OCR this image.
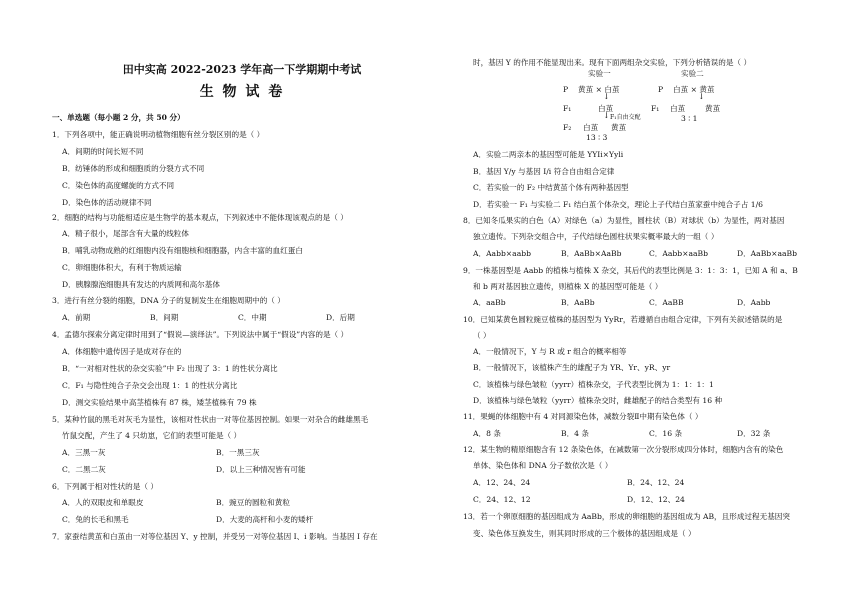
田中实高 2022-2023 学年高一下学期期中考试
生 物 试 卷
一、单选题（每小题 2 分，共 50 分）
1．下列各项中，能正确说明动植物细胞有丝分裂区别的是（ ）
A．间期的时间长短不同
B．纺锤体的形成和细胞质的分裂方式不同
C．染色体的高度螺旋的方式不同
D．染色体的活动规律不同
2．细胞的结构与功能相适应是生物学的基本观点，下列叙述中不能体现该观点的是（ ）
A．精子很小，尾部含有大量的线粒体
B．哺乳动物成熟的红细胞内没有细胞核和细胞器，内含丰富的血红蛋白
C．卵细胞体积大，有利于物质运输
D．胰腺腺泡细胞具有发达的内质网和高尔基体
3．进行有丝分裂的细胞，DNA 分子的复制发生在细胞周期中的（ ）
A．前期	B．间期	C．中期	D．后期
4．孟德尔探索分离定律时用到了“假说—演绎法”。下列说法中属于“假设”内容的是（ ）
A．体细胞中遗传因子是成对存在的
B．“一对相对性状的杂交实验”中 F₂ 出现了 3：1 的性状分离比
C．F₁ 与隐性纯合子杂交会出现 1：1 的性状分离比
D．测交实验结果中高茎植株有 87 株，矮茎植株有 79 株
5．某种竹鼠的黑毛对灰毛为显性，该相对性状由一对等位基因控制。如果一对杂合的雌雄黑毛
竹鼠交配，产生了 4 只幼崽，它们的表型可能是（ ）
A．三黑一灰	B．一黑三灰
C．二黑二灰	D．以上三种情况皆有可能
6．下列属于相对性状的是（ ）
A．人的双眼皮和单眼皮	B．豌豆的圆粒和黄粒
C．兔的长毛和黑毛	D．大麦的高杆和小麦的矮杆
7．家蚕结黄茧和白茧由一对等位基因 Y、y 控制，并受另一对等位基因 I、i 影响。当基因 I 存在
时，基因 Y 的作用不能显现出来。现有下面两组杂交实验，下列分析错误的是（ ）
实验一	实验二
P 黄茧 × 白茧	P 白茧 × 黄茧
↓	↓
F₁	白茧	F₁ 白茧	黄茧
↓ F₁自由交配	3 ∶ 1
F₂ 白茧 黄茧
13 ∶ 3
A．实验二两亲本的基因型可能是 YYIi×Yyli
B．基因 Y/y 与基因 I/i 符合自由组合定律
C．若实验一的 F₂ 中结黄茧个体有两种基因型
D．若实验一 F₁ 与实验二 F₁ 结白茧个体杂交，理论上子代结白茧家蚕中纯合子占 1/6
8．已知冬瓜果实的白色（A）对绿色（a）为显性，圆柱状（B）对球状（b）为显性，两对基因
独立遗传。下列杂交组合中，子代结绿色圆柱状果实概率最大的一组（ ）
A．Aabb×aabb	B．AaBb×AaBb	C．Aabb×aaBb	D．AaBb×aaBb
9．一株基因型是 Aabb 的植株与植株 X 杂交，其后代的表型比例是 3：1：3：1，已知 A 和 a、B
和 b 两对基因独立遗传，则植株 X 的基因型可能是（ ）
A．aaBb	B．AaBb	C．AaBB	D．Aabb
10．已知某黄色圆粒豌豆植株的基因型为 YyRr，若遵循自由组合定律，下列有关叙述错误的是
（ ）
A．一般情况下，Y 与 R 或 r 组合的概率相等
B．一般情况下，该植株产生的雄配子为 YR、Yr、yR、yr
C．该植株与绿色皱粒（yyrr）植株杂交，子代表型比例为 1：1：1：1
D．该植株与绿色皱粒（yyrr）植株杂交时，雌雄配子的结合类型有 16 种
11．果蝇的体细胞中有 4 对同源染色体，减数分裂Ⅱ中期有染色体（ ）
A．8 条	B．4 条	C．16 条	D．32 条
12．某生物的精原细胞含有 12 条染色体，在减数第一次分裂形成四分体时，细胞内含有的染色
单体、染色体和 DNA 分子数依次是（ ）
A．12、24、24	B．24、12、24
C．24、12、12	D．12、12、24
13．若一个卵原细胞的基因组成为 AaBb，形成的卵细胞的基因组成为 AB，且形成过程无基因突
变、染色体互换发生，则其同时形成的三个极体的基因组成是（ ）
